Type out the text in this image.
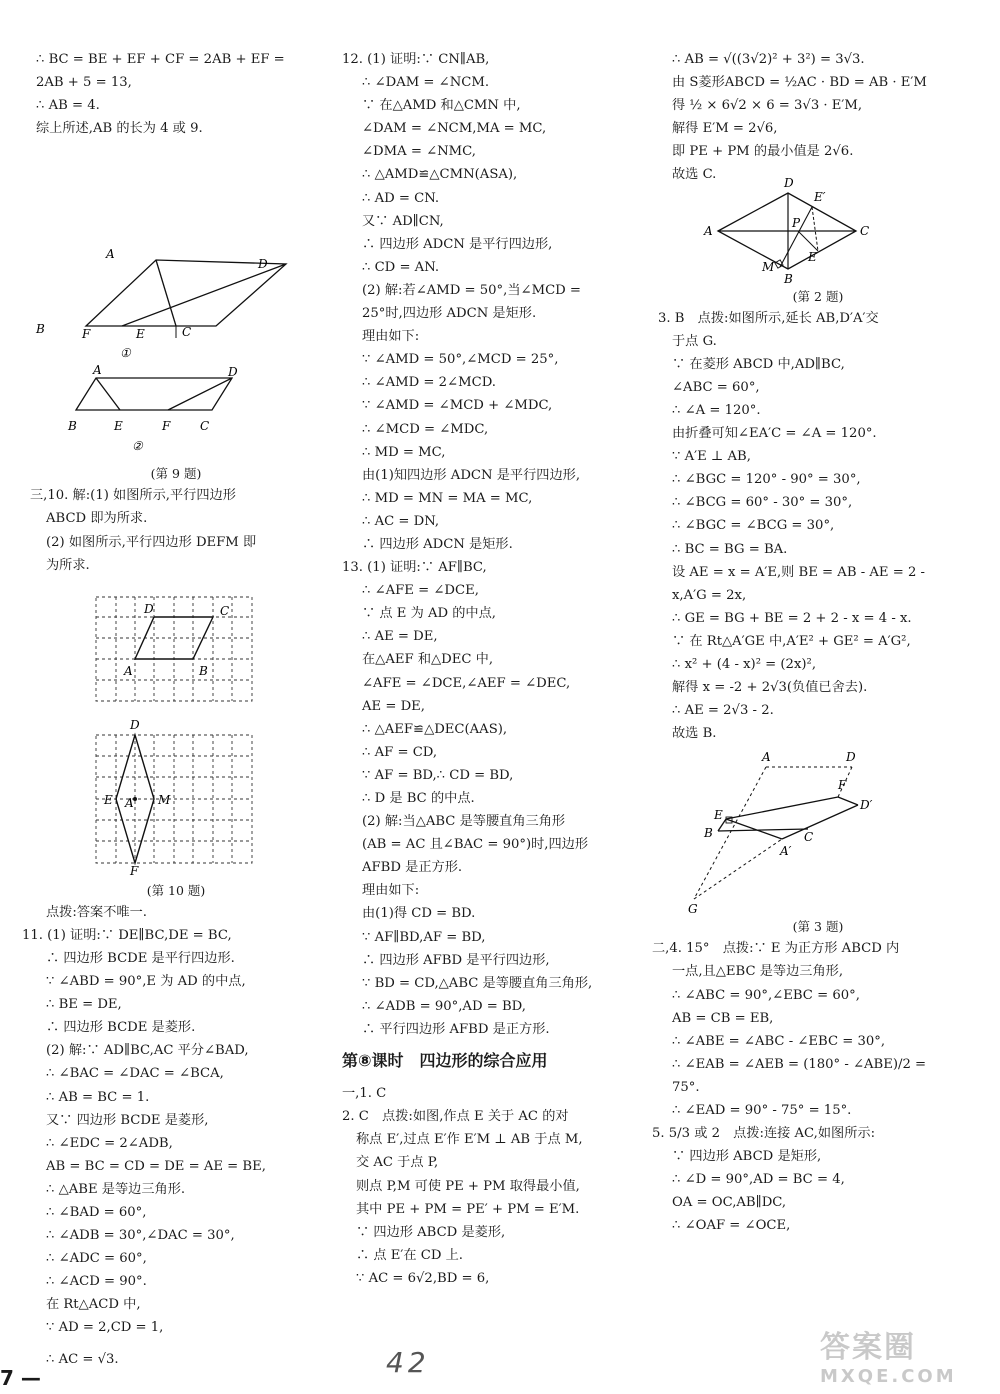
∴ BC = BE + EF + CF = 2AB + EF =
2AB + 5 = 13,
∴ AB = 4.
综上所述,AB 的长为 4 或 9.
A
D
B	F	E	C
①
A	D
B	E	F C
②
(第 9 题)
三,10. 解:(1) 如图所示,平行四边形
ABCD 即为所求.
(2) 如图所示,平行四边形 DEFM 即
为所求.
D	C
A	B
D
E A M
F
(第 10 题)
点拨:答案不唯一.
11. (1) 证明:∵ DE∥BC,DE = BC,
∴ 四边形 BCDE 是平行四边形.
∵ ∠ABD = 90°,E 为 AD 的中点,
∴ BE = DE,
∴ 四边形 BCDE 是菱形.
(2) 解:∵ AD∥BC,AC 平分∠BAD,
∴ ∠BAC = ∠DAC = ∠BCA,
∴ AB = BC = 1.
又∵ 四边形 BCDE 是菱形,
∴ ∠EDC = 2∠ADB,
AB = BC = CD = DE = AE = BE,
∴ △ABE 是等边三角形.
∴ ∠BAD = 60°,
∴ ∠ADB = 30°,∠DAC = 30°,
∴ ∠ADC = 60°,
∴ ∠ACD = 90°.
在 Rt△ACD 中,
∵ AD = 2,CD = 1,
∴ AC = √3.
12. (1) 证明:∵ CN∥AB,
∴ ∠DAM = ∠NCM.
∵ 在△AMD 和△CMN 中,
∠DAM = ∠NCM,MA = MC,
∠DMA = ∠NMC,
∴ △AMD≌△CMN(ASA),
∴ AD = CN.
又∵ AD∥CN,
∴ 四边形 ADCN 是平行四边形,
∴ CD = AN.
(2) 解:若∠AMD = 50°,当∠MCD =
25°时,四边形 ADCN 是矩形.
理由如下:
∵ ∠AMD = 50°,∠MCD = 25°,
∴ ∠AMD = 2∠MCD.
∵ ∠AMD = ∠MCD + ∠MDC,
∴ ∠MCD = ∠MDC,
∴ MD = MC,
由(1)知四边形 ADCN 是平行四边形,
∴ MD = MN = MA = MC,
∴ AC = DN,
∴ 四边形 ADCN 是矩形.
13. (1) 证明:∵ AF∥BC,
∴ ∠AFE = ∠DCE,
∵ 点 E 为 AD 的中点,
∴ AE = DE,
在△AEF 和△DEC 中,
∠AFE = ∠DCE,∠AEF = ∠DEC,
AE = DE,
∴ △AEF≌△DEC(AAS),
∴ AF = CD,
∵ AF = BD,∴ CD = BD,
∴ D 是 BC 的中点.
(2) 解:当△ABC 是等腰直角三角形
(AB = AC 且∠BAC = 90°)时,四边形
AFBD 是正方形.
理由如下:
由(1)得 CD = BD.
∵ AF∥BD,AF = BD,
∴ 四边形 AFBD 是平行四边形,
∵ BD = CD,△ABC 是等腰直角三角形,
∴ ∠ADB = 90°,AD = BD,
∴ 平行四边形 AFBD 是正方形.
第⑧课时　四边形的综合应用
一,1. C
2. C　点拨:如图,作点 E 关于 AC 的对
称点 E′,过点 E′作 E′M ⊥ AB 于点 M,
交 AC 于点 P,
则点 P,M 可使 PE + PM 取得最小值,
其中 PE + PM = PE′ + PM = E′M.
∵ 四边形 ABCD 是菱形,
∴ 点 E′在 CD 上.
∵ AC = 6√2,BD = 6,
∴ AB = √((3√2)² + 3²) = 3√3.
由 S菱形ABCD = ½AC · BD = AB · E′M
得 ½ × 6√2 × 6 = 3√3 · E′M,
解得 E′M = 2√6,
即 PE + PM 的最小值是 2√6.
故选 C.
D
E′
A
P
C
M
E
B
(第 2 题)
3. B　点拨:如图所示,延长 AB,D′A′交
于点 G.
∵ 在菱形 ABCD 中,AD∥BC,
∠ABC = 60°,
∴ ∠A = 120°.
由折叠可知∠EA′C = ∠A = 120°.
∵ A′E ⊥ AB,
∴ ∠BGC = 120° - 90° = 30°,
∴ ∠BCG = 60° - 30° = 30°,
∴ ∠BGC = ∠BCG = 30°,
∴ BC = BG = BA.
设 AE = x = A′E,则 BE = AB - AE = 2 -
x,A′G = 2x,
∴ GE = BG + BE = 2 + 2 - x = 4 - x.
∵ 在 Rt△A′GE 中,A′E² + GE² = A′G²,
∴ x² + (4 - x)² = (2x)²,
解得 x = -2 + 2√3(负值已舍去).
∴ AE = 2√3 - 2.
故选 B.
A	D
F
E
D′
B	C
A′
G
(第 3 题)
二,4. 15°　点拨:∵ E 为正方形 ABCD 内
一点,且△EBC 是等边三角形,
∴ ∠ABC = 90°,∠EBC = 60°,
AB = CB = EB,
∴ ∠ABE = ∠ABC - ∠EBC = 30°,
∴ ∠EAB = ∠AEB = (180° - ∠ABE)/2 =
75°.
∴ ∠EAD = 90° - 75° = 15°.
5. 5/3 或 2　点拨:连接 AC,如图所示:
∵ 四边形 ABCD 是矩形,
∴ ∠D = 90°,AD = BC = 4,
OA = OC,AB∥DC,
∴ ∠OAF = ∠OCE,
7 —	42	答案圈
MXQE.COM
